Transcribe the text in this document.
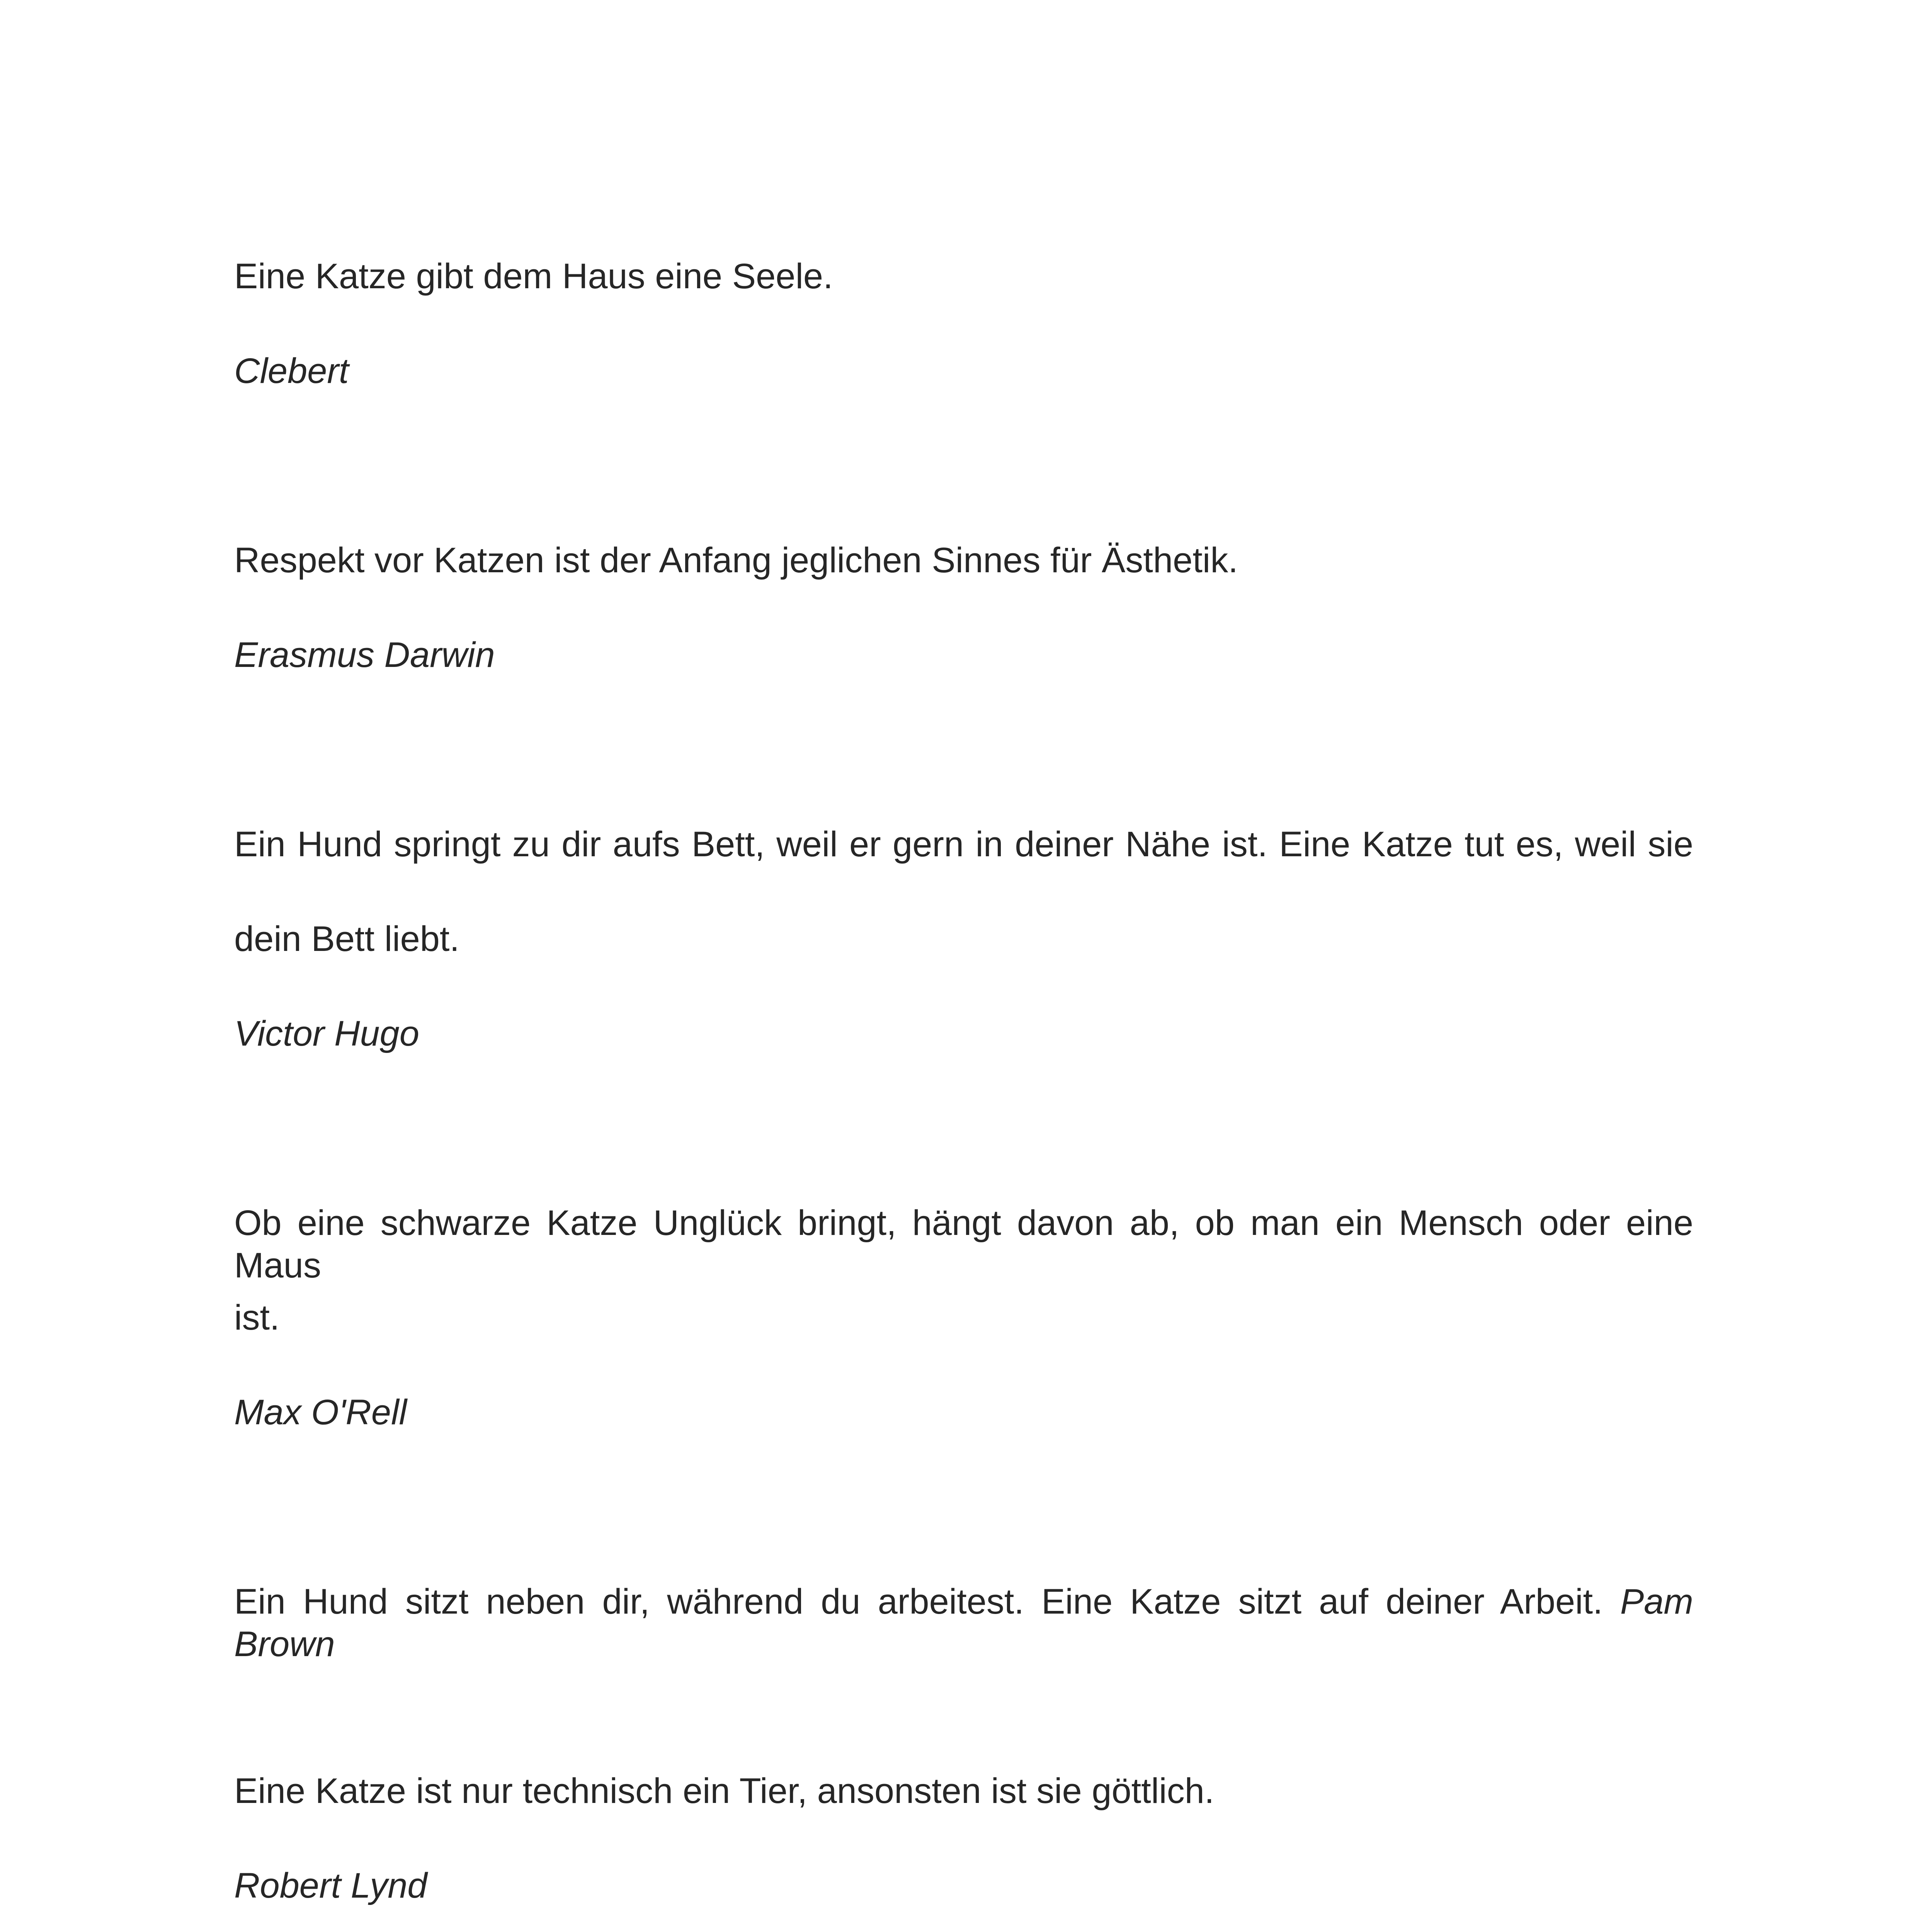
Eine Katze gibt dem Haus eine Seele.
Clebert
Respekt vor Katzen ist der Anfang jeglichen Sinnes für Ästhetik.
Erasmus Darwin
Ein Hund springt zu dir aufs Bett, weil er gern in deiner Nähe ist. Eine Katze tut es, weil sie
dein Bett liebt.
Victor Hugo
Ob eine schwarze Katze Unglück bringt, hängt davon ab, ob man ein Mensch oder eine Maus
ist.
Max O'Rell
Ein Hund sitzt neben dir, während du arbeitest. Eine Katze sitzt auf deiner Arbeit. Pam Brown
Eine Katze ist nur technisch ein Tier, ansonsten ist sie göttlich.
Robert Lynd
